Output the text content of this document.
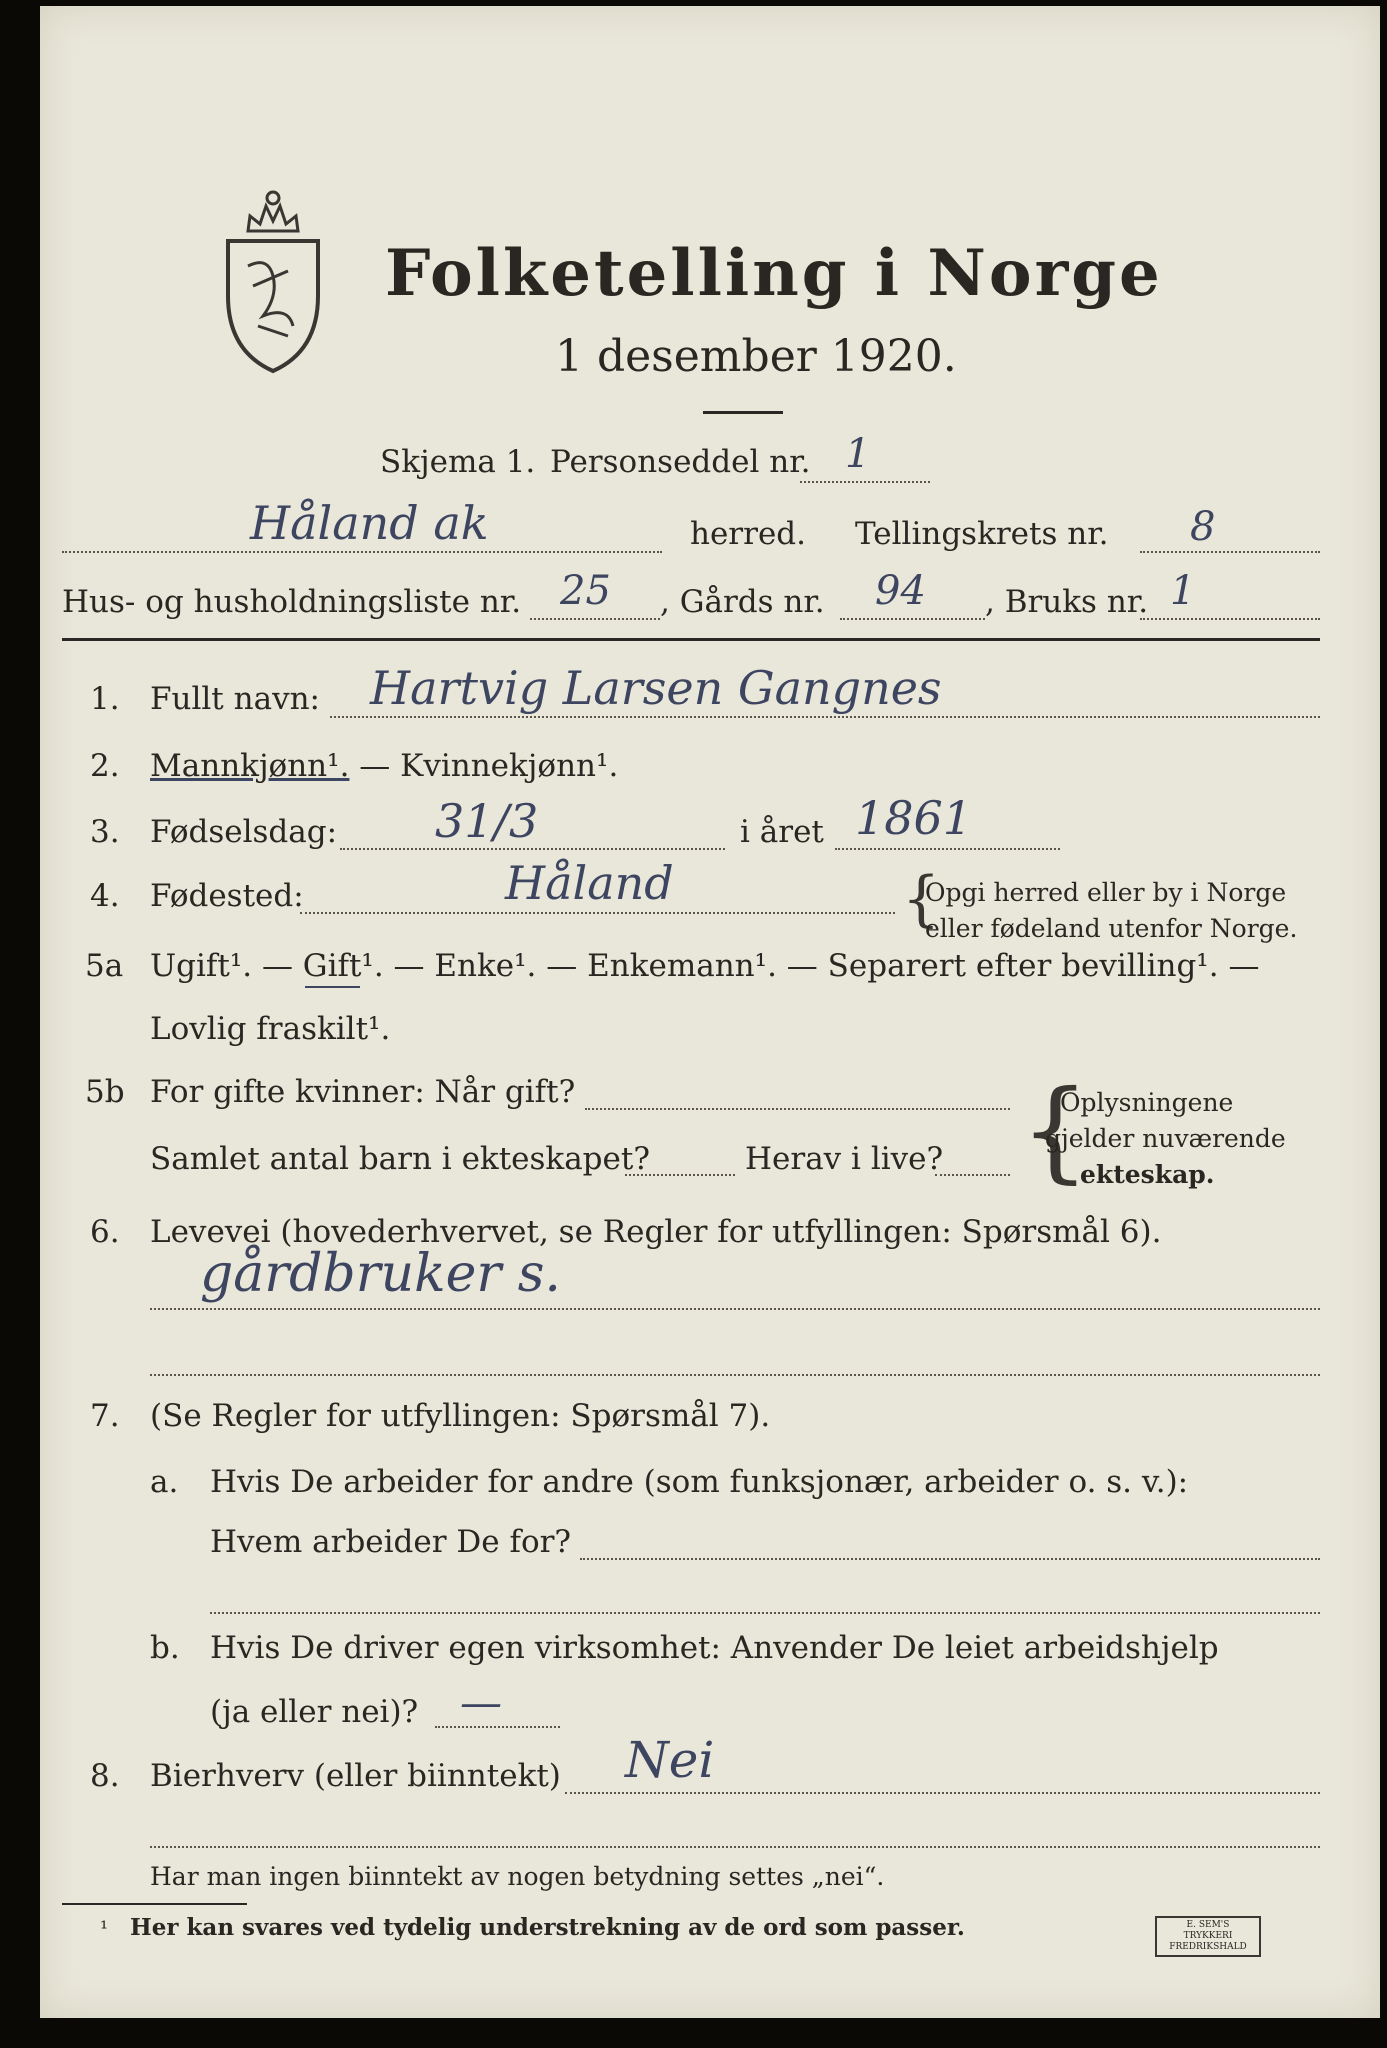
Folketelling i Norge
1 desember 1920.
Skjema 1. Personseddel nr. 1
Håland ak	herred. Tellingskrets nr. 8
Hus- og husholdningsliste nr. 25 , Gårds nr. 94 , Bruks nr. 1
1. Fullt navn: Hartvig Larsen Gangnes
2. Mannkjønn¹. — Kvinnekjønn¹.
3. Fødselsdag: 31/3	i året 1861
4. Fødested:	Håland	{
Opgi herred eller by i Norge
eller fødeland utenfor Norge.
5a Ugift¹. — Gift¹. — Enke¹. — Enkemann¹. — Separert efter bevilling¹. —
Lovlig fraskilt¹.
5b For gifte kvinner: Når gift?
Samlet antal barn i ekteskapet?	Herav i live? {
Oplysningene
gjelder nuværende
ekteskap.
6. Levevei (hovederhvervet, se Regler for utfyllingen: Spørsmål 6).
gårdbruker s.
7. (Se Regler for utfyllingen: Spørsmål 7).
a. Hvis De arbeider for andre (som funksjonær, arbeider o. s. v.):
Hvem arbeider De for?
b. Hvis De driver egen virksomhet: Anvender De leiet arbeidshjelp
(ja eller nei)? —
8. Bierhverv (eller biinntekt) Nei
Har man ingen biinntekt av nogen betydning settes „nei“.
¹ Her kan svares ved tydelig understrekning av de ord som passer.	E. SEM'S TRYKKERI FREDRIKSHALD
